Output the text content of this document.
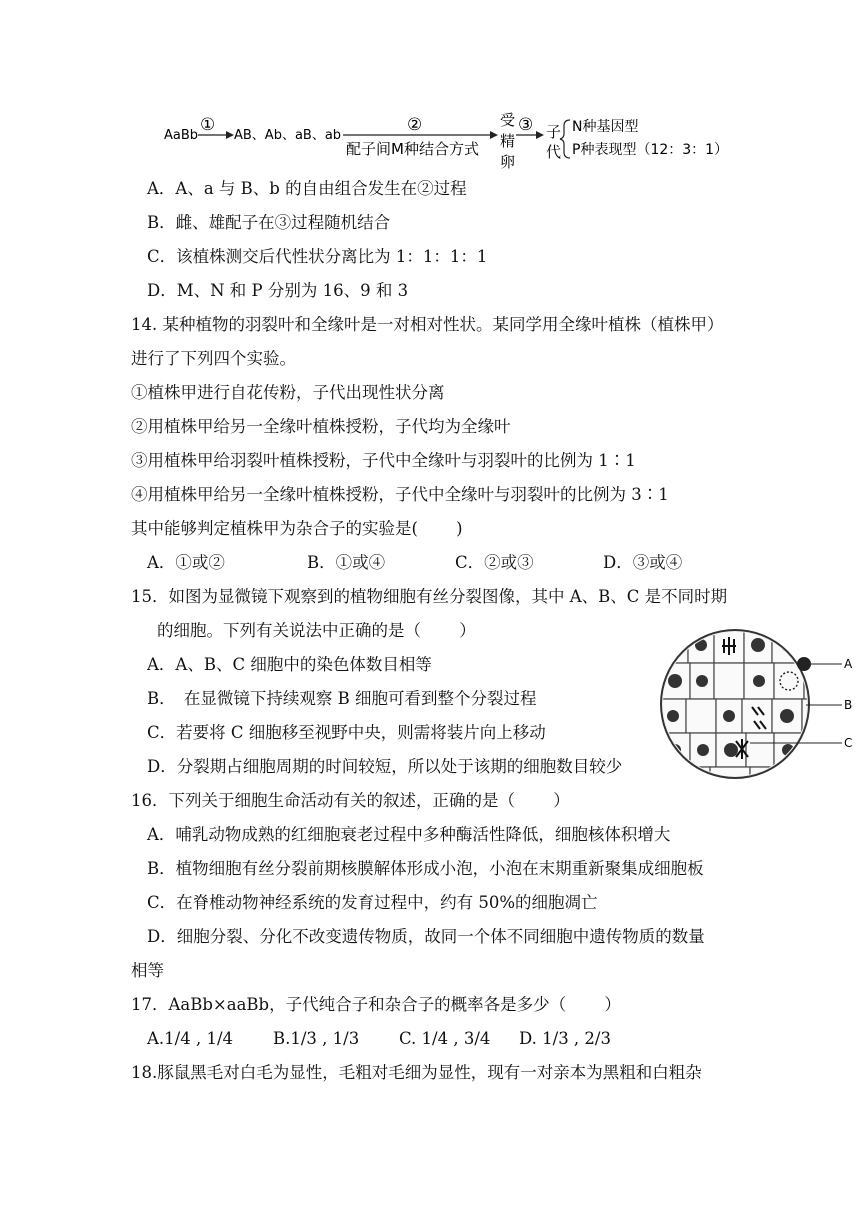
AaBb
①
AB、Ab、aB、ab
②
配子间M种结合方式
受
精
卵
③ 子
代
N种基因型
P种表现型（12：3：1）
A．A、a 与 B、b 的自由组合发生在②过程
B．雌、雄配子在③过程随机结合
C．该植株测交后代性状分离比为 1：1：1：1
D．M、N 和 P 分别为 16、9 和 3
14. 某种植物的羽裂叶和全缘叶是一对相对性状。某同学用全缘叶植株（植株甲）
进行了下列四个实验。
①植株甲进行自花传粉，子代出现性状分离
②用植株甲给另一全缘叶植株授粉，子代均为全缘叶
③用植株甲给羽裂叶植株授粉，子代中全缘叶与羽裂叶的比例为 1∶1
④用植株甲给另一全缘叶植株授粉，子代中全缘叶与羽裂叶的比例为 3∶1
其中能够判定植株甲为杂合子的实验是(　　 )
A．①或②	B．①或④	C．②或③	D．③或④
15．如图为显微镜下观察到的植物细胞有丝分裂图像，其中 A、B、C 是不同时期
的细胞。下列有关说法中正确的是（　　 ）
A．A、B、C 细胞中的染色体数目相等
B．　在显微镜下持续观察 B 细胞可看到整个分裂过程
C．若要将 C 细胞移至视野中央，则需将装片向上移动
D．分裂期占细胞周期的时间较短，所以处于该期的细胞数目较少
A
B
C
16．下列关于细胞生命活动有关的叙述，正确的是（　　 ）
A．哺乳动物成熟的红细胞衰老过程中多种酶活性降低，细胞核体积增大
B．植物细胞有丝分裂前期核膜解体形成小泡，小泡在末期重新聚集成细胞板
C．在脊椎动物神经系统的发育过程中，约有 50%的细胞凋亡
D．细胞分裂、分化不改变遗传物质，故同一个体不同细胞中遗传物质的数量
相等
17．AaBb×aaBb，子代纯合子和杂合子的概率各是多少（　　 ）
A.1/4 , 1/4 B.1/3 , 1/3 C. 1/4 , 3/4 D. 1/3 , 2/3
18.豚鼠黑毛对白毛为显性，毛粗对毛细为显性，现有一对亲本为黑粗和白粗杂
